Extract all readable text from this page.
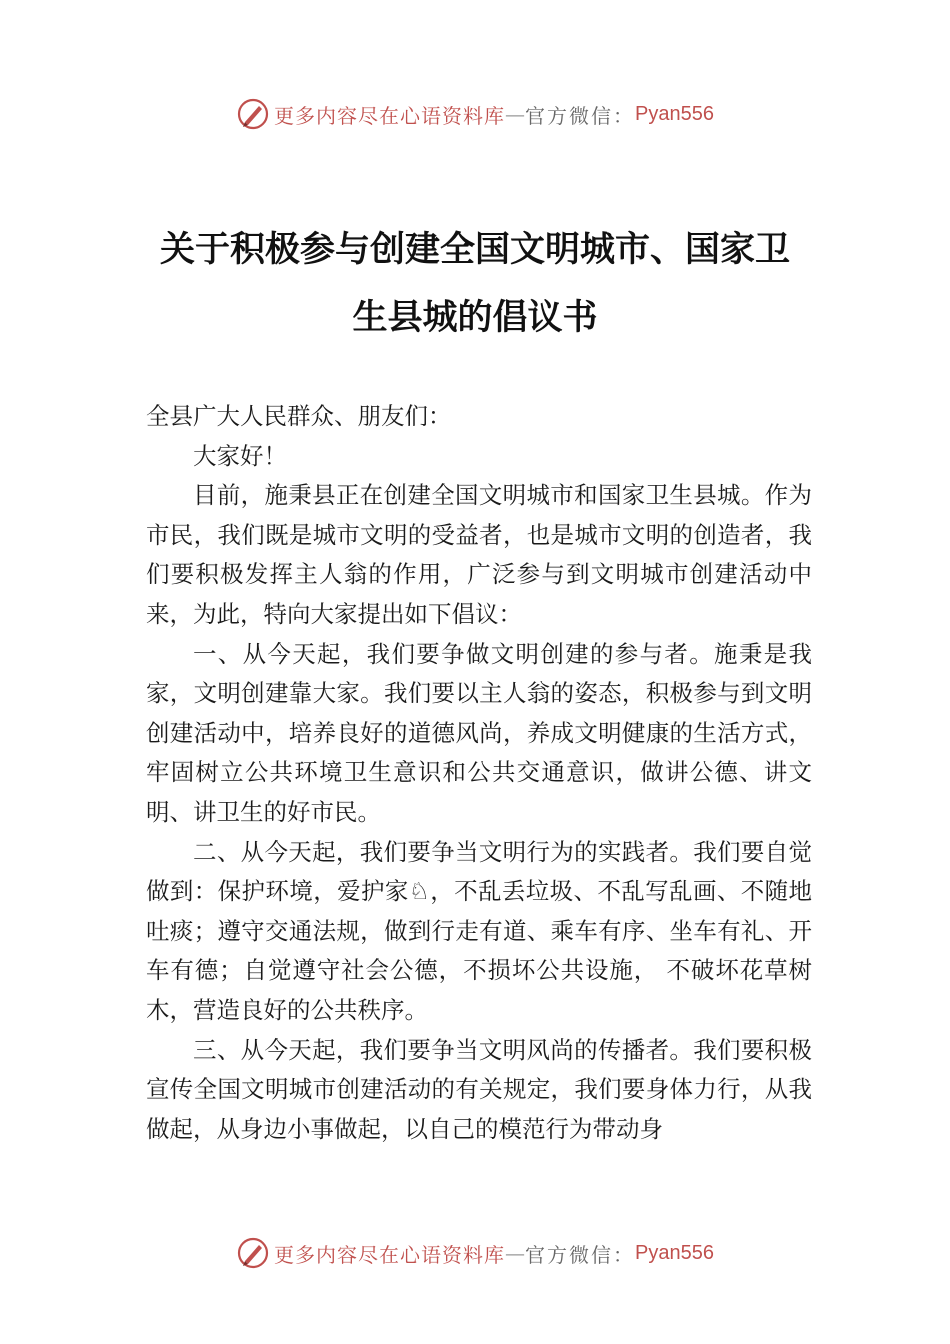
更多内容尽在心语资料库 — 官方微信： Pyan556
关于积极参与创建全国文明城市、国家卫
生县城的倡议书

全县广大人民群众、朋友们：

大家好！

目前，施秉县正在创建全国文明城市和国家卫生县城。作为市民，我们既是城市文明的受益者，也是城市文明的创造者，我们要积极发挥主人翁的作用，广泛参与到文明城市创建活动中来，为此，特向大家提出如下倡议：

一、从今天起，我们要争做文明创建的参与者。施秉是我家，文明创建靠大家。我们要以主人翁的姿态，积极参与到文明创建活动中，培养良好的道德风尚，养成文明健康的生活方式，牢固树立公共环境卫生意识和公共交通意识，做讲公德、讲文明、讲卫生的好市民。

二、从今天起，我们要争当文明行为的实践者。我们要自觉做到：保护环境，爱护家♘，不乱丢垃圾、不乱写乱画、不随地吐痰；遵守交通法规，做到行走有道、乘车有序、坐车有礼、开车有德；自觉遵守社会公德，不损坏公共设施， 不破坏花草树木，营造良好的公共秩序。

三、从今天起，我们要争当文明风尚的传播者。我们要积极宣传全国文明城市创建活动的有关规定，我们要身体力行，从我做起，从身边小事做起，以自己的模范行为带动身

更多内容尽在心语资料库 — 官方微信： Pyan556
